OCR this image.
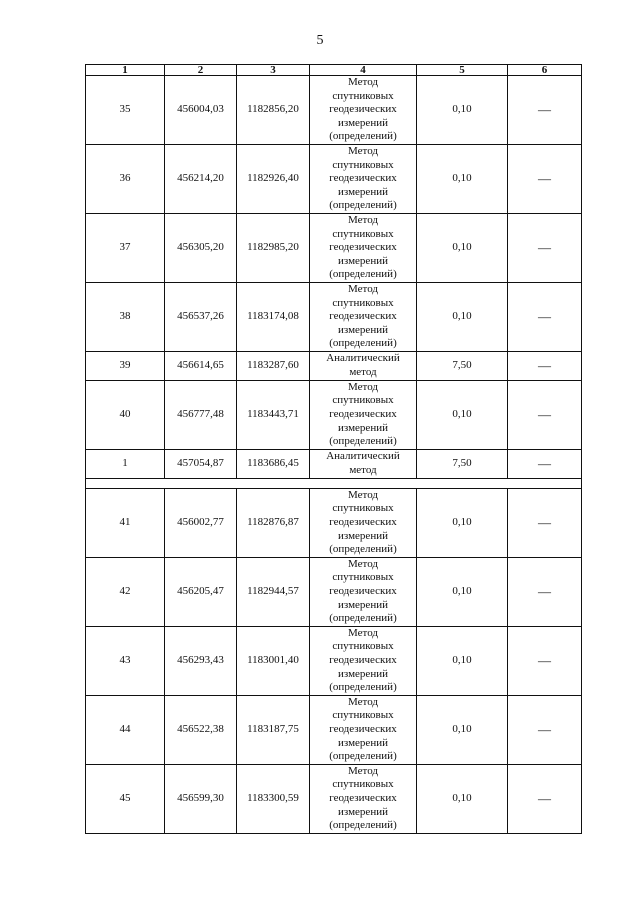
5
1	2	3	4	5	6
35	456004,03	1182856,20	Метод
спутниковых
геодезических
измерений
(определений)	0,10	—
36	456214,20	1182926,40	Метод
спутниковых
геодезических
измерений
(определений)	0,10	—
37	456305,20	1182985,20	Метод
спутниковых
геодезических
измерений
(определений)	0,10	—
38	456537,26	1183174,08	Метод
спутниковых
геодезических
измерений
(определений)	0,10	—
39	456614,65	1183287,60	Аналитический
метод	7,50	—
40	456777,48	1183443,71	Метод
спутниковых
геодезических
измерений
(определений)	0,10	—
1	457054,87	1183686,45	Аналитический
метод	7,50	—

41	456002,77	1182876,87	Метод
спутниковых
геодезических
измерений
(определений)	0,10	—
42	456205,47	1182944,57	Метод
спутниковых
геодезических
измерений
(определений)	0,10	—
43	456293,43	1183001,40	Метод
спутниковых
геодезических
измерений
(определений)	0,10	—
44	456522,38	1183187,75	Метод
спутниковых
геодезических
измерений
(определений)	0,10	—
45	456599,30	1183300,59	Метод
спутниковых
геодезических
измерений
(определений)	0,10	—
